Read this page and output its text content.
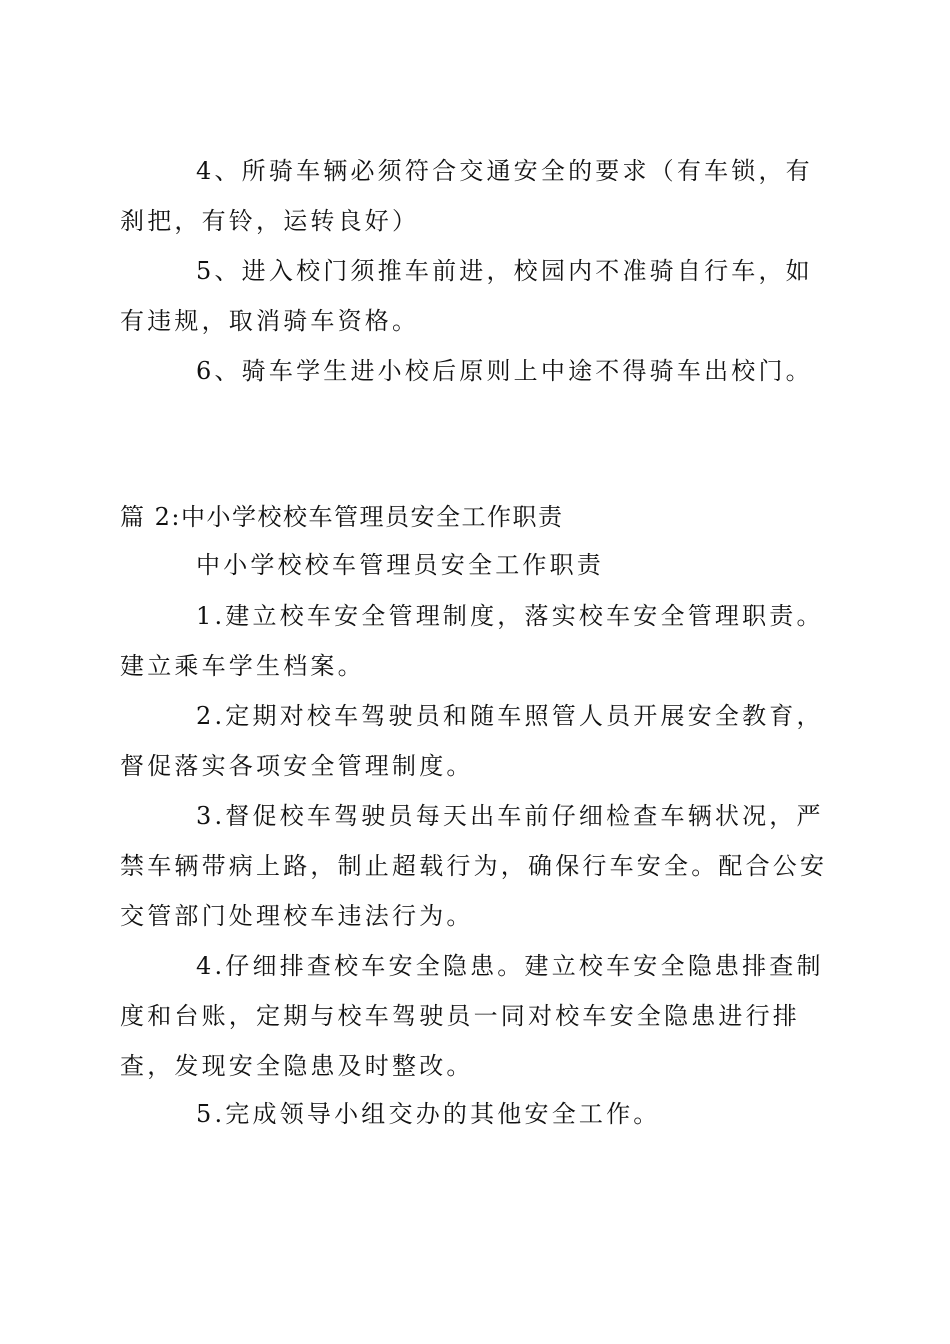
4、所骑车辆必须符合交通安全的要求（有车锁，有刹把，有铃，运转良好）

5、进入校门须推车前进，校园内不准骑自行车，如有违规，取消骑车资格。

6、骑车学生进小校后原则上中途不得骑车出校门。

篇 2:中小学校校车管理员安全工作职责

中小学校校车管理员安全工作职责

1.建立校车安全管理制度，落实校车安全管理职责。建立乘车学生档案。

2.定期对校车驾驶员和随车照管人员开展安全教育，督促落实各项安全管理制度。

3.督促校车驾驶员每天出车前仔细检查车辆状况，严禁车辆带病上路，制止超载行为，确保行车安全。配合公安交管部门处理校车违法行为。

4.仔细排查校车安全隐患。建立校车安全隐患排查制度和台账，定期与校车驾驶员一同对校车安全隐患进行排查，发现安全隐患及时整改。

5.完成领导小组交办的其他安全工作。
